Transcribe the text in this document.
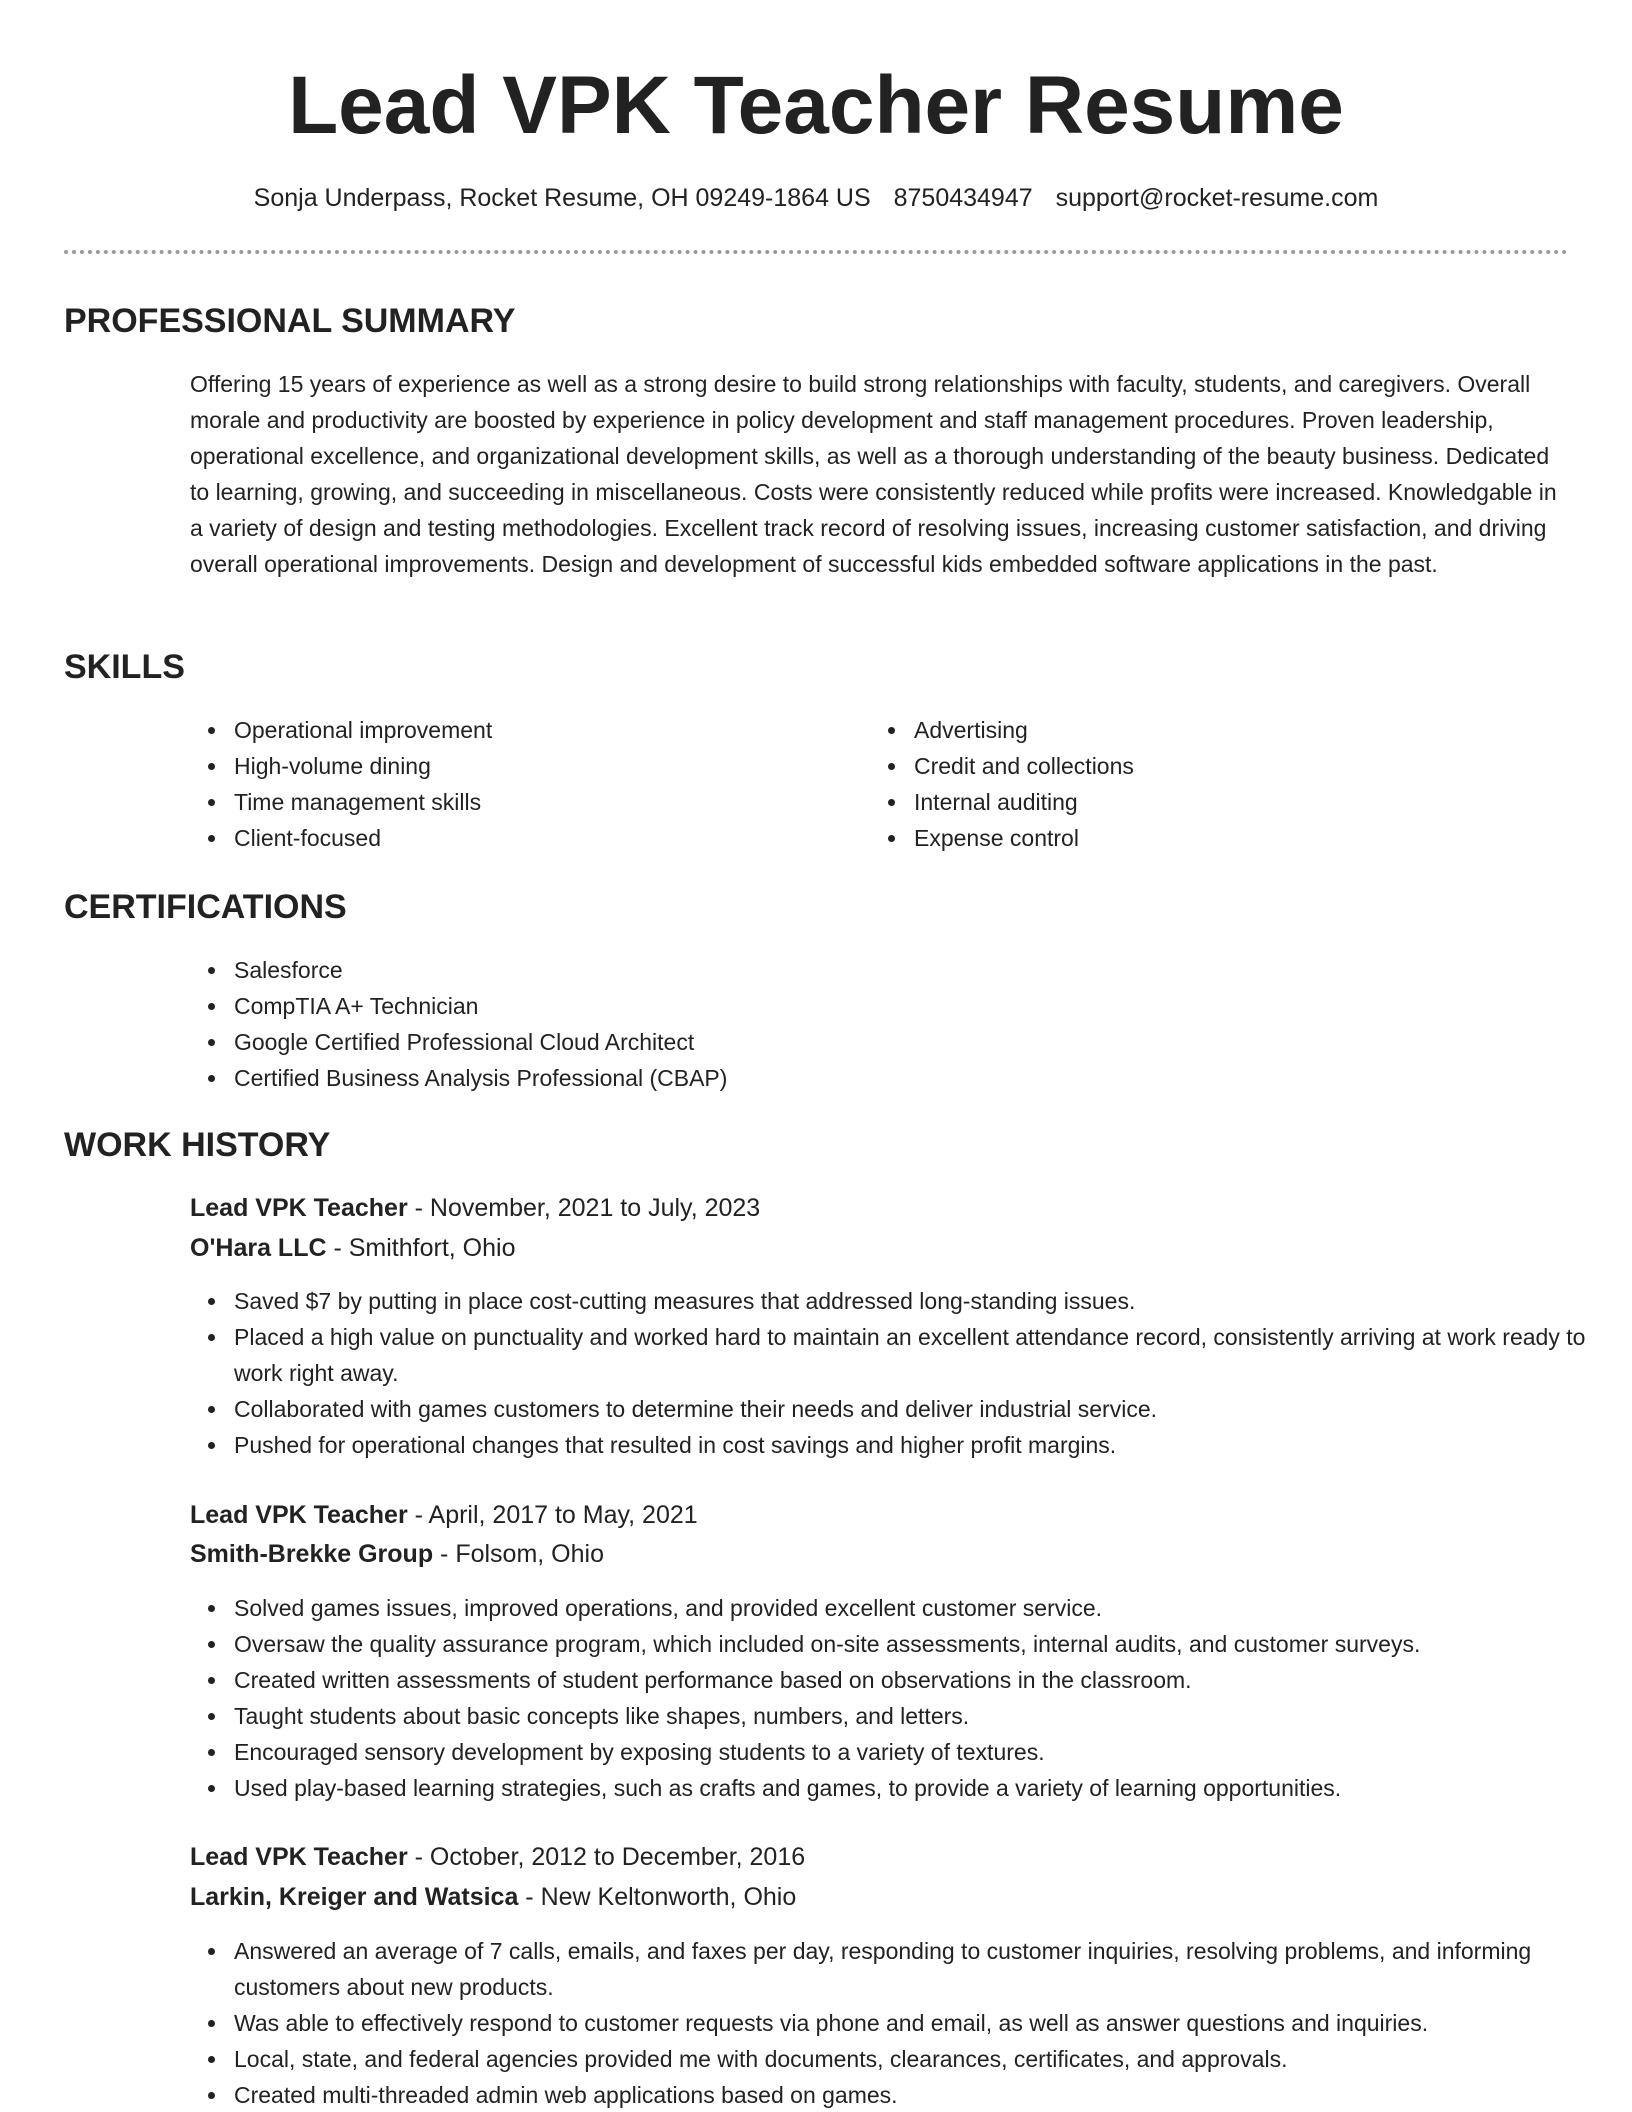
Lead VPK Teacher Resume
Sonja Underpass, Rocket Resume, OH 09249-1864 US 8750434947 support@rocket-resume.com
PROFESSIONAL SUMMARY

Offering 15 years of experience as well as a strong desire to build strong relationships with faculty, students, and caregivers. Overall morale and productivity are boosted by experience in policy development and staff management procedures. Proven leadership, operational excellence, and organizational development skills, as well as a thorough understanding of the beauty business. Dedicated to learning, growing, and succeeding in miscellaneous. Costs were consistently reduced while profits were increased. Knowledgable in a variety of design and testing methodologies. Excellent track record of resolving issues, increasing customer satisfaction, and driving overall operational improvements. Design and development of successful kids embedded software applications in the past.

SKILLS
Operational improvement
High-volume dining
Time management skills
Client-focused
Advertising
Credit and collections
Internal auditing
Expense control
CERTIFICATIONS
Salesforce
CompTIA A+ Technician
Google Certified Professional Cloud Architect
Certified Business Analysis Professional (CBAP)
WORK HISTORY
Lead VPK Teacher - November, 2021 to July, 2023
O'Hara LLC - Smithfort, Ohio
Saved $7 by putting in place cost-cutting measures that addressed long-standing issues.
Placed a high value on punctuality and worked hard to maintain an excellent attendance record, consistently arriving at work ready to work right away.
Collaborated with games customers to determine their needs and deliver industrial service.
Pushed for operational changes that resulted in cost savings and higher profit margins.
Lead VPK Teacher - April, 2017 to May, 2021
Smith-Brekke Group - Folsom, Ohio
Solved games issues, improved operations, and provided excellent customer service.
Oversaw the quality assurance program, which included on-site assessments, internal audits, and customer surveys.
Created written assessments of student performance based on observations in the classroom.
Taught students about basic concepts like shapes, numbers, and letters.
Encouraged sensory development by exposing students to a variety of textures.
Used play-based learning strategies, such as crafts and games, to provide a variety of learning opportunities.
Lead VPK Teacher - October, 2012 to December, 2016
Larkin, Kreiger and Watsica - New Keltonworth, Ohio
Answered an average of 7 calls, emails, and faxes per day, responding to customer inquiries, resolving problems, and informing customers about new products.
Was able to effectively respond to customer requests via phone and email, as well as answer questions and inquiries.
Local, state, and federal agencies provided me with documents, clearances, certificates, and approvals.
Created multi-threaded admin web applications based on games.
